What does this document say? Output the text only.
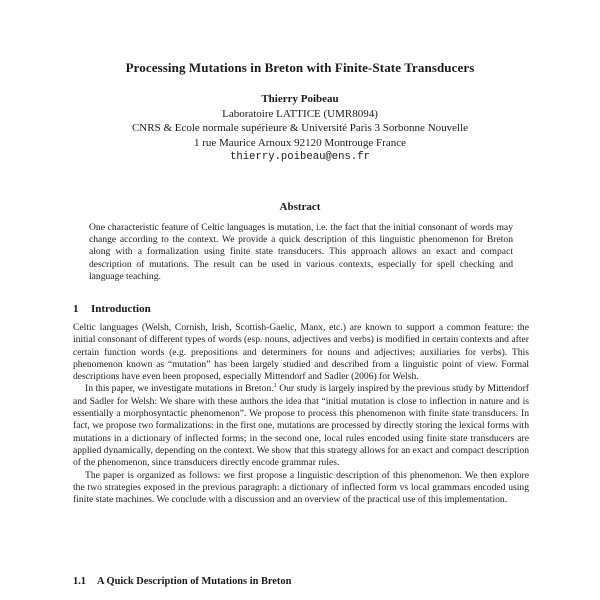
Processing Mutations in Breton with Finite-State Transducers
Thierry Poibeau
Laboratoire LATTICE (UMR8094)
CNRS & Ecole normale supérieure & Université Paris 3 Sorbonne Nouvelle
1 rue Maurice Arnoux 92120 Montrouge France
thierry.poibeau@ens.fr
Abstract
One characteristic feature of Celtic languages is mutation, i.e. the fact that the initial consonant of words may change according to the context. We provide a quick description of this linguistic phenomenon for Breton along with a formalization using finite state transducers. This approach allows an exact and compact description of mutations. The result can be used in various contexts, especially for spell checking and language teaching.
1 Introduction

Celtic languages (Welsh, Cornish, Irish, Scottish-Gaelic, Manx, etc.) are known to support a common feature: the initial consonant of different types of words (esp. nouns, adjectives and verbs) is modified in certain contexts and after certain function words (e.g. prepositions and determiners for nouns and adjectives; auxiliaries for verbs). This phenomenon known as “mutation” has been largely studied and described from a linguistic point of view. Formal descriptions have even been proposed, especially Mittendorf and Sadler (2006) for Welsh.

In this paper, we investigate mutations in Breton.$^1$ Our study is largely inspired by the previous study by Mittendorf and Sadler for Welsh: We share with these authors the idea that “initial mutation is close to inflection in nature and is essentially a morphosyntactic phenomenon”. We propose to process this phenomenon with finite state transducers. In fact, we propose two formalizations: in the first one, mutations are processed by directly storing the lexical forms with mutations in a dictionary of inflected forms; in the second one, local rules encoded using finite state transducers are applied dynamically, depending on the context. We show that this strategy allows for an exact and compact description of the phenomenon, since transducers directly encode grammar rules.

The paper is organized as follows: we first propose a linguistic description of this phenomenon. We then explore the two strategies exposed in the previous paragraph: a dictionary of inflected form vs local grammars encoded using finite state machines. We conclude with a discussion and an overview of the practical use of this implementation.

1.1 A Quick Description of Mutations in Breton
